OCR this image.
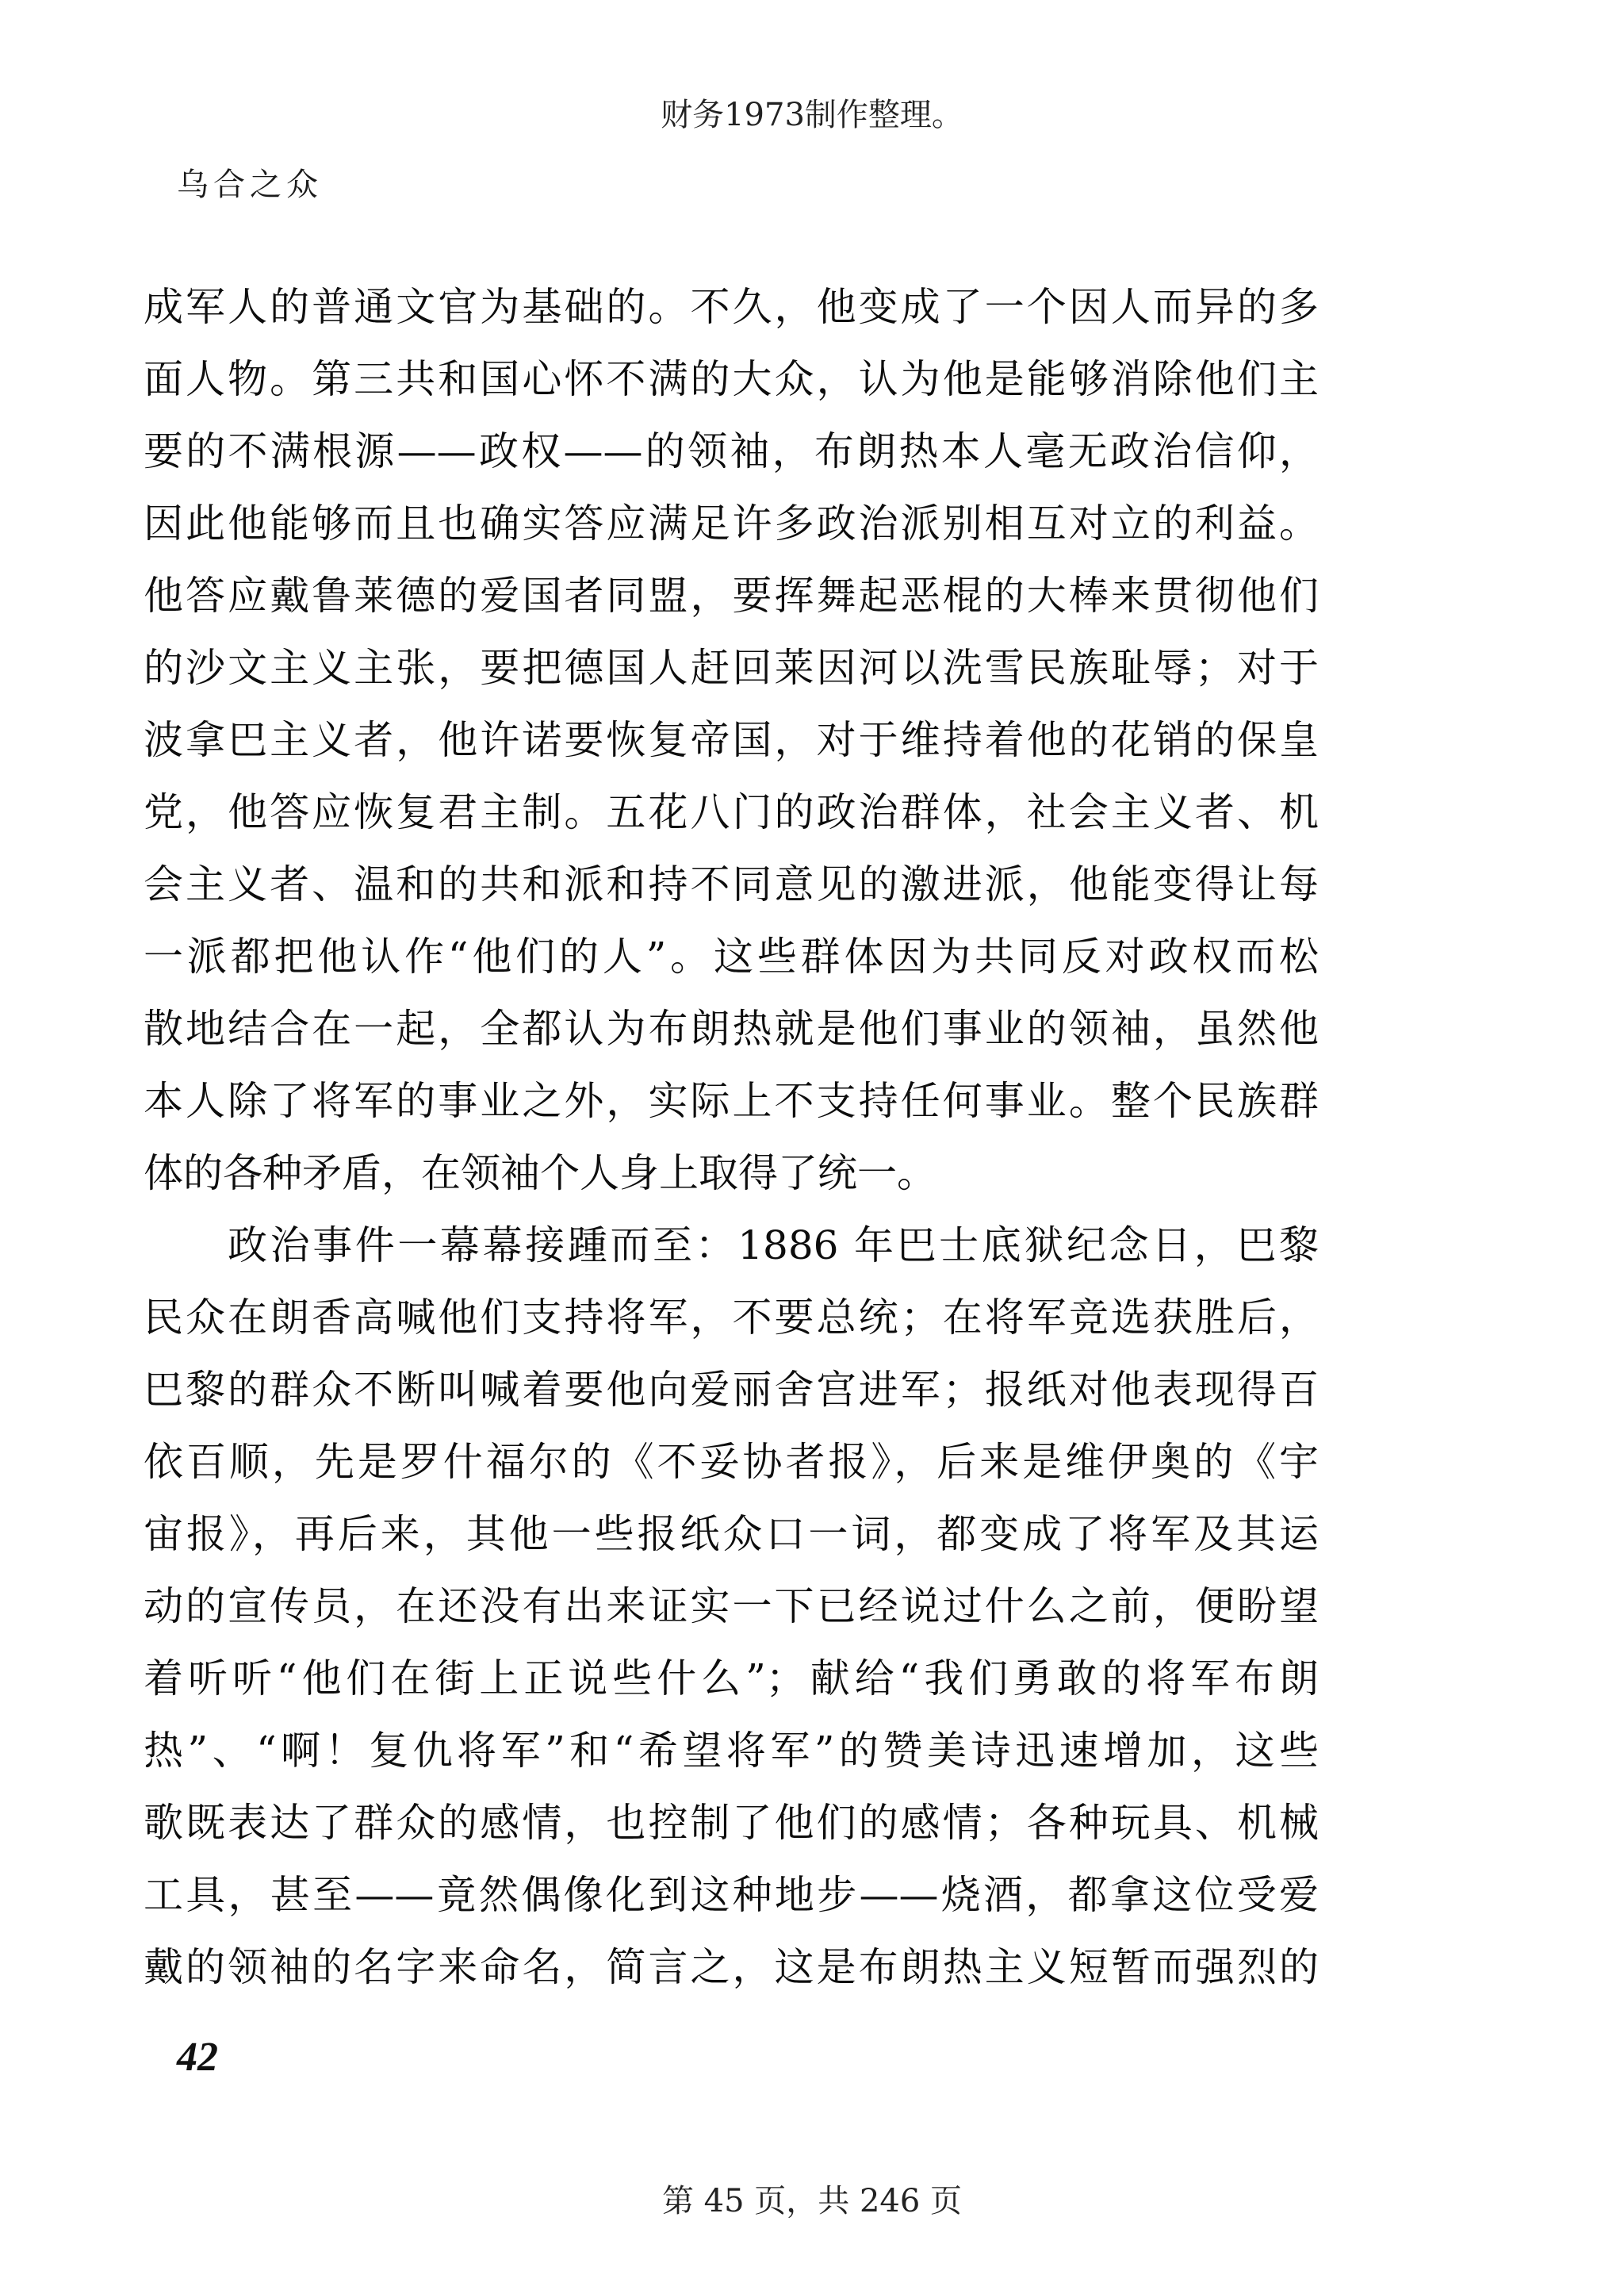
财务1973制作整理。
乌合之众
成军人的普通文官为基础的。不久，他变成了一个因人而异的多
面人物。第三共和国心怀不满的大众，认为他是能够消除他们主
要的不满根源——政权——的领袖，布朗热本人毫无政治信仰，
因此他能够而且也确实答应满足许多政治派别相互对立的利益。
他答应戴鲁莱德的爱国者同盟，要挥舞起恶棍的大棒来贯彻他们
的沙文主义主张，要把德国人赶回莱因河以洗雪民族耻辱；对于
波拿巴主义者，他许诺要恢复帝国，对于维持着他的花销的保皇
党，他答应恢复君主制。五花八门的政治群体，社会主义者、机
会主义者、温和的共和派和持不同意见的激进派，他能变得让每
一派都把他认作“他们的人”。这些群体因为共同反对政权而松
散地结合在一起，全都认为布朗热就是他们事业的领袖，虽然他
本人除了将军的事业之外，实际上不支持任何事业。整个民族群
体的各种矛盾，在领袖个人身上取得了统一。
政治事件一幕幕接踵而至：1886 年巴士底狱纪念日，巴黎
民众在朗香高喊他们支持将军，不要总统；在将军竞选获胜后，
巴黎的群众不断叫喊着要他向爱丽舍宫进军；报纸对他表现得百
依百顺，先是罗什福尔的《不妥协者报》，后来是维伊奥的《宇
宙报》，再后来，其他一些报纸众口一词，都变成了将军及其运
动的宣传员，在还没有出来证实一下已经说过什么之前，便盼望
着听听“他们在街上正说些什么”；献给“我们勇敢的将军布朗
热”、“啊！复仇将军”和“希望将军”的赞美诗迅速增加，这些
歌既表达了群众的感情，也控制了他们的感情；各种玩具、机械
工具，甚至——竟然偶像化到这种地步——烧酒，都拿这位受爱
戴的领袖的名字来命名，简言之，这是布朗热主义短暂而强烈的
42
第 45 页，共 246 页
